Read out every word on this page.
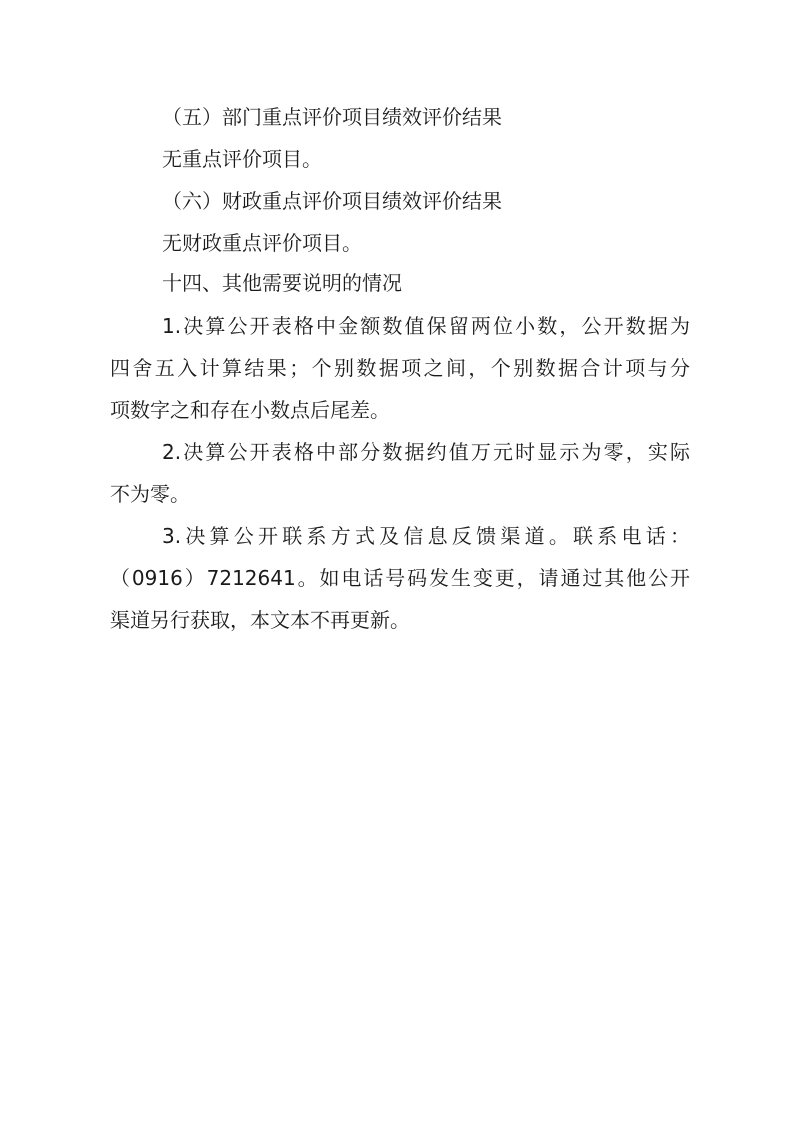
（五）部门重点评价项目绩效评价结果
无重点评价项目。
（六）财政重点评价项目绩效评价结果
无财政重点评价项目。
十四、其他需要说明的情况
1.决算公开表格中金额数值保留两位小数，公开数据为
四舍五入计算结果；个别数据项之间，个别数据合计项与分
项数字之和存在小数点后尾差。
2.决算公开表格中部分数据约值万元时显示为零，实际
不为零。
3.决算公开联系方式及信息反馈渠道。联系电话：
（0916）7212641。如电话号码发生变更，请通过其他公开
渠道另行获取，本文本不再更新。
